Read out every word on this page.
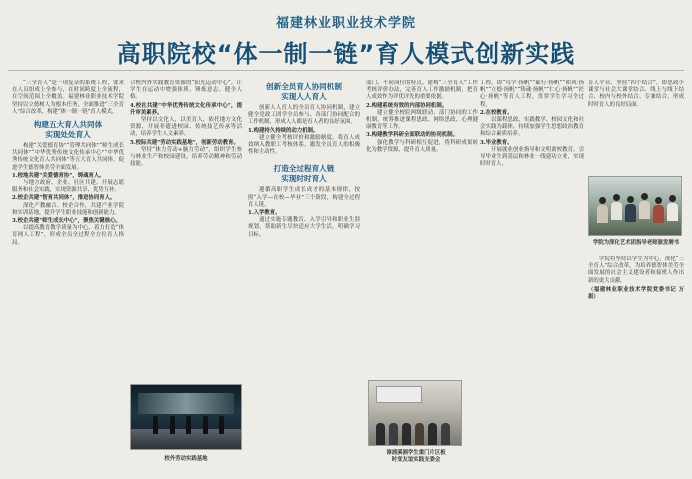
福建林业职业技术学院
高职院校“体一制一链”育人模式创新实践

“三全育人”是一项复杂的系统工程，要求在人员组成上全参与，在时间跨度上全流程，在空间范围上全覆盖。福建林业职业技术学院坚持以立德树人为根本任务，全面推进“三全育人”综合改革，构建“体一制一链”育人模式。

构建五大育人共同体
实现处处育人

构建“关爱德育协”“管理共同体”“师生成长共同体”“中华优秀传统文化传承中心”“中华优秀传统文化育人共同体”等五大育人共同体，促进学生德智体美劳全面发展。

1.校地共建“关爱德育协”，铸魂育人。

与地方政府、企业、社区共建，开展志愿服务和社会实践，实现资源共享、优势互补。

2.校企共建“智育共同体”，推进协同育人。

深化产教融合、校企合作，共建产业学院和实训基地，提升学生职业技能和创新能力。

3.校企共建“师生成长中心”，聚焦关键核心。

以提高教育教学质量为中心，着力打造“体育网人工程”，形成全员全过程全方位育人格局。

合校内外实践教育资源的“阳光运动中心”，让学生在运动中增强体质、锤炼意志、健全人格。

4.校社共建“中华优秀传统文化传承中心”，提升审美素养。

坚持以文化人，以美育人，依托地方文化资源，开展非遗进校园、传统技艺传承等活动，培养学生人文素养。

5.校际共建“劳动实践基地”，创新劳动教育。

坚持“体力劳动+脑力劳动”，组织学生参与林业生产和校园建设，培养劳动精神和劳动技能。

校外劳动实践基地
创新全员育人协同机制
实现人人育人

创新人人育人的全员育人协同机制，建立健全党政工团学全员参与、各部门协同配合的工作机制，形成人人都是育人者的良好氛围。

1.构建持久持续的动力机制。

建立健全考核评价和激励制度，将育人成效纳入教职工考核体系，激发全员育人的积极性和主动性。

打造全过程育人链
实现时时育人

遵循高职学生成长成才的基本规律，按照“入学—在校—毕业”三个阶段，构建全过程育人链。

1.入学教育。

通过实施专题教育、入学引导和职业生涯规划，帮助新生尽快适应大学生活，明确学习目标。

部门、不同岗位的特点，建构“三全育人”工作考核评价办法，完善育人工作激励机制，把育人成效作为评优评先的重要依据。

2.构建系统有效的内部协同机制。

建立健全校院两级联动、部门协同的工作机制，统筹推进课程思政、网络思政、心理健康教育等工作。

3.构建教学科研全面联动的协同机制。

强化教学与科研相互促进，将科研成果转化为教学资源，提升育人质量。

漳浦溪湘学生重门片区板
时变友谊实践支委会

工程，即“笃学·扬帆”“砺行·扬帆”“和风·扬帆”“立德·扬帆”“铸魂·扬帆”“仁心·扬帆”“匠心·扬帆”等育人工程，贯穿学生学习全过程。

2.在校教育。

以课程思政、实践教学、校园文化和社会实践为载体，持续加强学生思想政治教育和综合素质培养。

3.毕业教育。

开展就业创业指导和文明离校教育，引导毕业生到基层和林业一线建功立业，实现时时育人。

学院为深化艺术团指导老师颁发聘书

育人平台、坚持“四个结合”，即思政小课堂与社会大课堂结合、线上与线下结合、校内与校外结合、专兼结合，形成时时育人的良好局面。

学院将坚持以学生为中心，深化“三全育人”综合改革，为培养德智体美劳全面发展的社会主义建设者和接班人作出新的更大贡献。

（福建林业职业技术学院党委书记 万振）
